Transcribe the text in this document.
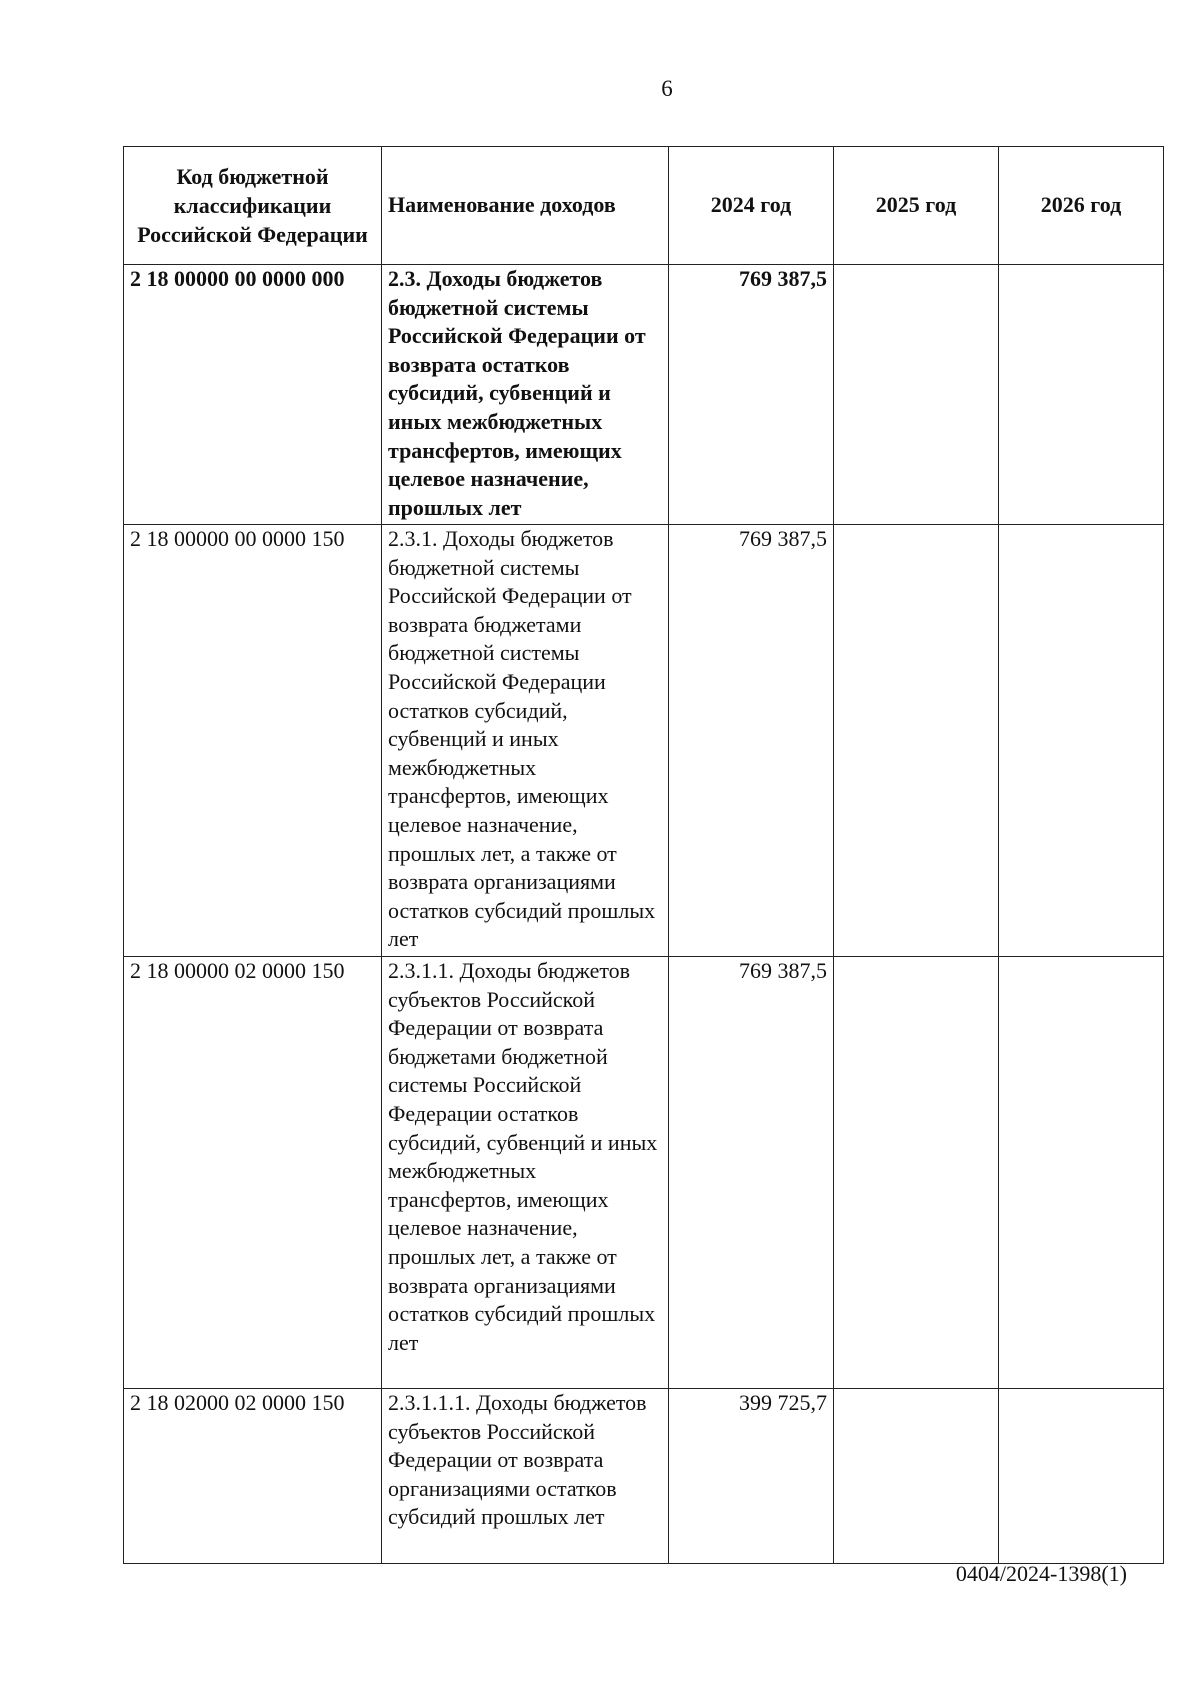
6
Код бюджетной классификации Российской Федерации	Наименование доходов	2024 год	2025 год	2026 год
2 18 00000 00 0000 000	2.3. Доходы бюджетов бюджетной системы Российской Федерации от возврата остатков субсидий, субвенций и иных межбюджетных трансфертов, имеющих целевое назначение, прошлых лет	769 387,5		
2 18 00000 00 0000 150	2.3.1. Доходы бюджетов бюджетной системы Российской Федерации от возврата бюджетами бюджетной системы Российской Федерации остатков субсидий, субвенций и иных межбюджетных трансфертов, имеющих целевое назначение, прошлых лет, а также от возврата организациями остатков субсидий прошлых лет	769 387,5		
2 18 00000 02 0000 150	2.3.1.1. Доходы бюджетов субъектов Российской Федерации от возврата бюджетами бюджетной системы Российской Федерации остатков субсидий, субвенций и иных межбюджетных трансфертов, имеющих целевое назначение, прошлых лет, а также от возврата организациями остатков субсидий прошлых лет	769 387,5		
2 18 02000 02 0000 150	2.3.1.1.1. Доходы бюджетов субъектов Российской Федерации от возврата организациями остатков субсидий прошлых лет	399 725,7		
0404/2024-1398(1)
